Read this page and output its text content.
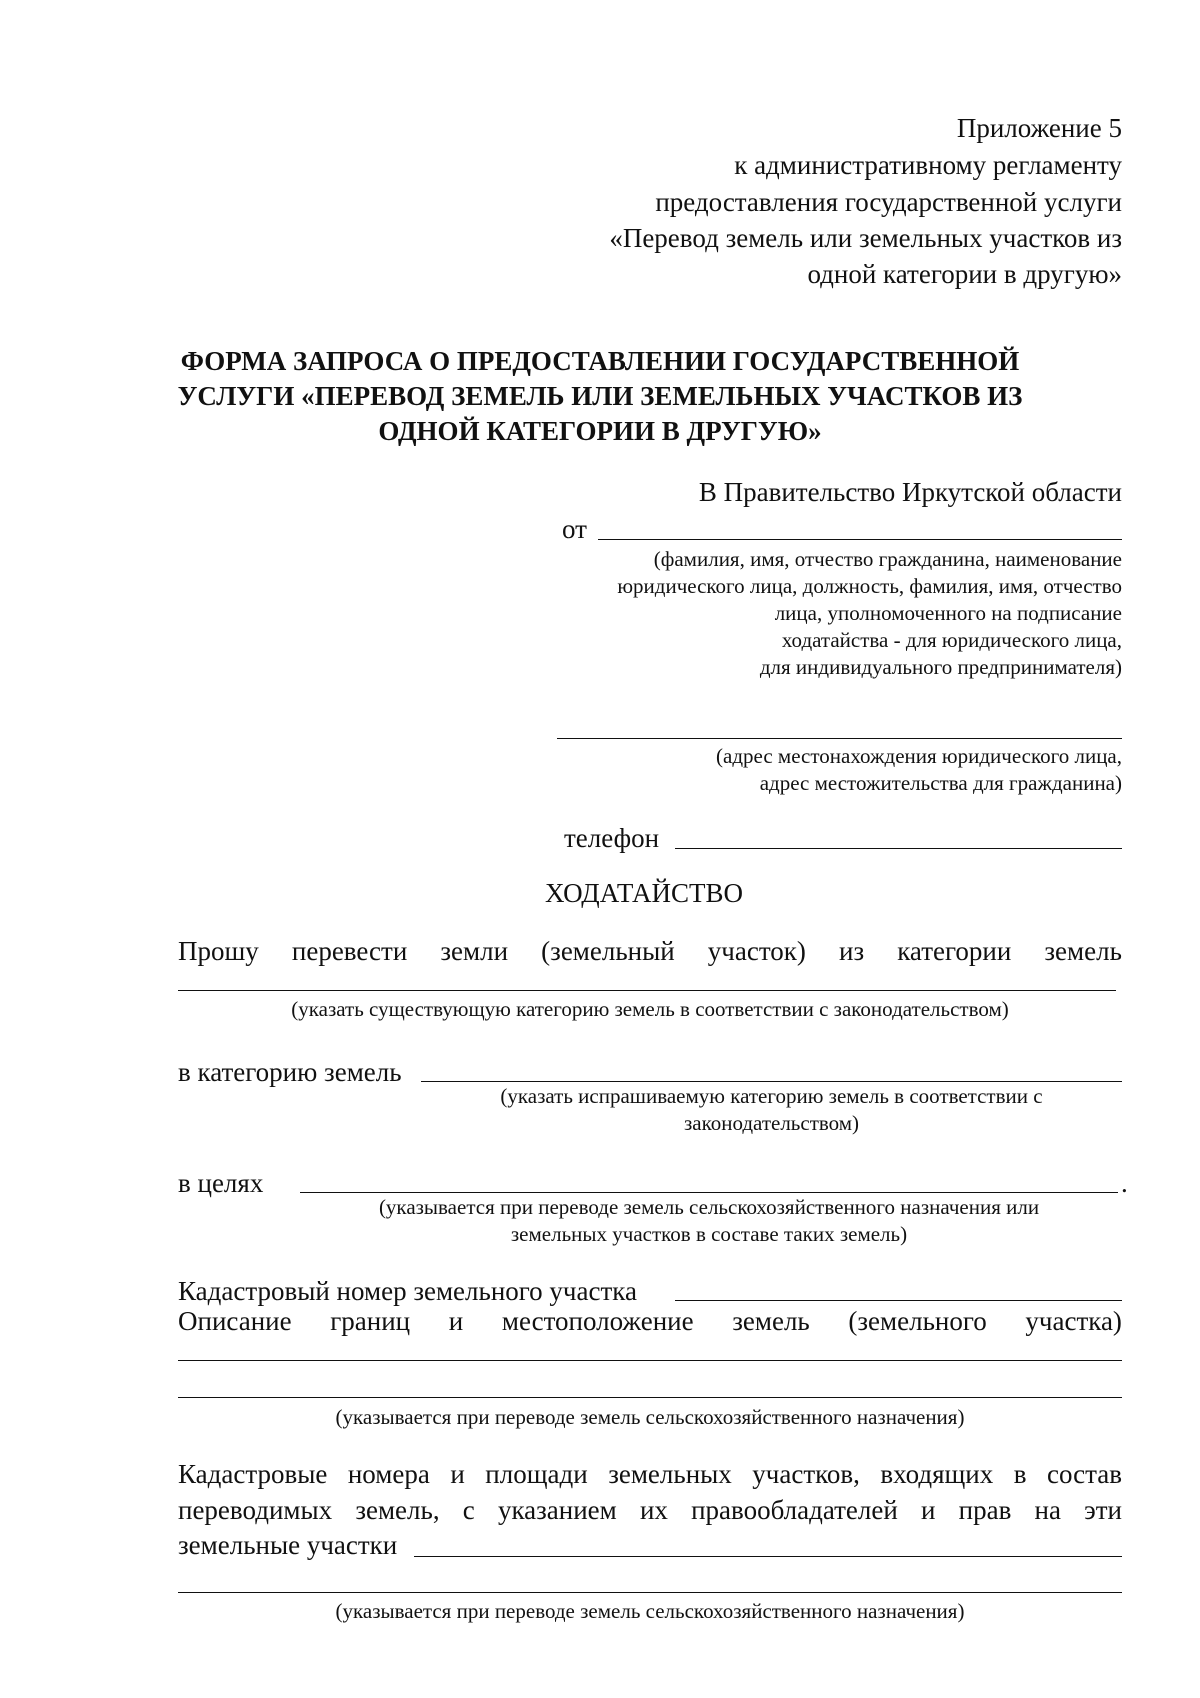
Приложение 5
к административному регламенту
предоставления государственной услуги
«Перевод земель или земельных участков из
одной категории в другую»
ФОРМА ЗАПРОСА О ПРЕДОСТАВЛЕНИИ ГОСУДАРСТВЕННОЙ
УСЛУГИ «ПЕРЕВОД ЗЕМЕЛЬ ИЛИ ЗЕМЕЛЬНЫХ УЧАСТКОВ ИЗ
ОДНОЙ КАТЕГОРИИ В ДРУГУЮ»
В Правительство Иркутской области
от
(фамилия, имя, отчество гражданина, наименование
юридического лица, должность, фамилия, имя, отчество
лица, уполномоченного на подписание
ходатайства - для юридического лица,
для индивидуального предпринимателя)
(адрес местонахождения юридического лица,
адрес местожительства для гражданина)
телефон
ХОДАТАЙСТВО
Прошу перевести земли (земельный участок) из категории земель
(указать существующую категорию земель в соответствии с законодательством)
в категорию земель
(указать испрашиваемую категорию земель в соответствии с
законодательством)
в целях	.
(указывается при переводе земель сельскохозяйственного назначения или
земельных участков в составе таких земель)
Кадастровый номер земельного участка
Описание границ и местоположение земель (земельного участка)
(указывается при переводе земель сельскохозяйственного назначения)
Кадастровые номера и площади земельных участков, входящих в состав
переводимых земель, с указанием их правообладателей и прав на эти
земельные участки
(указывается при переводе земель сельскохозяйственного назначения)
